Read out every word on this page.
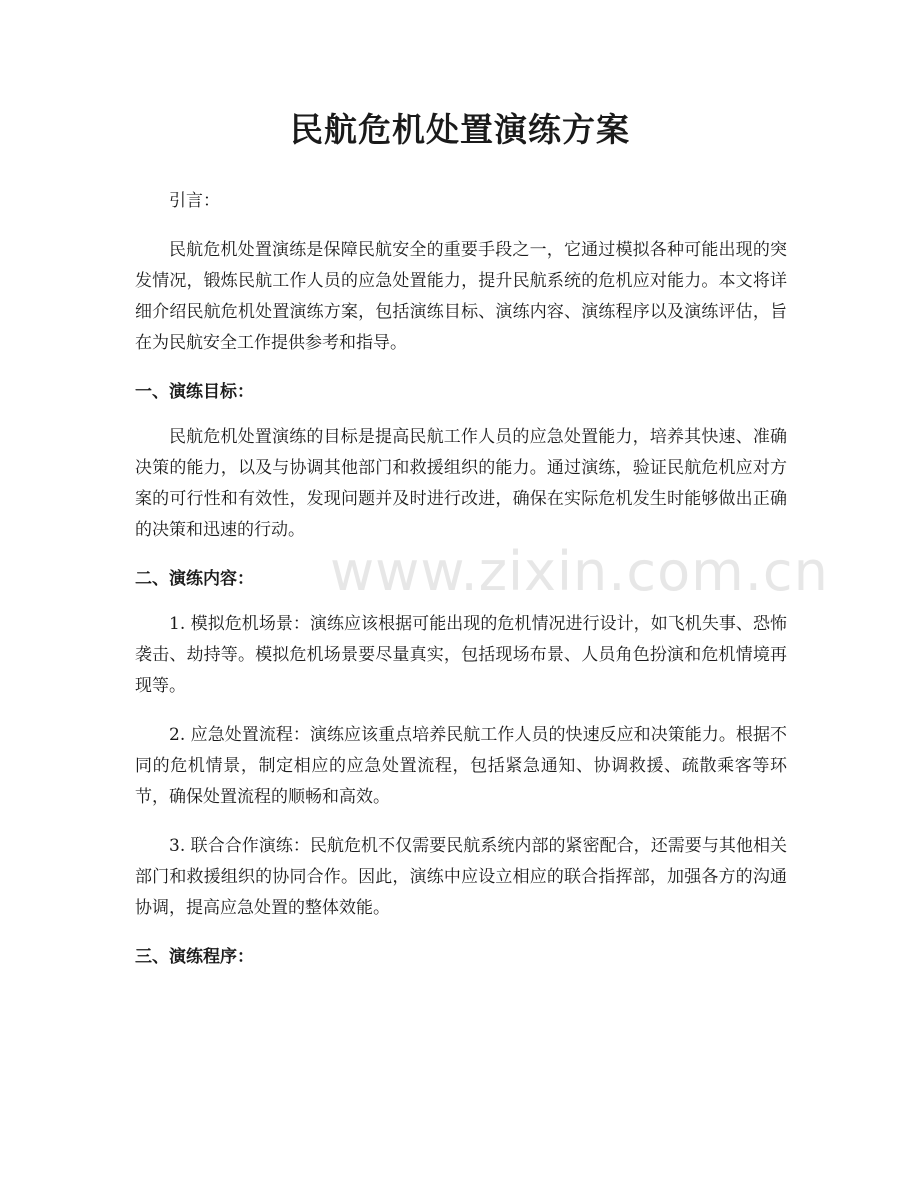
民航危机处置演练方案

引言：

民航危机处置演练是保障民航安全的重要手段之一，它通过模拟各种可能出现的突发情况，锻炼民航工作人员的应急处置能力，提升民航系统的危机应对能力。本文将详细介绍民航危机处置演练方案，包括演练目标、演练内容、演练程序以及演练评估，旨在为民航安全工作提供参考和指导。

一、演练目标：

民航危机处置演练的目标是提高民航工作人员的应急处置能力，培养其快速、准确决策的能力，以及与协调其他部门和救援组织的能力。通过演练，验证民航危机应对方案的可行性和有效性，发现问题并及时进行改进，确保在实际危机发生时能够做出正确的决策和迅速的行动。

二、演练内容：

1. 模拟危机场景：演练应该根据可能出现的危机情况进行设计，如飞机失事、恐怖袭击、劫持等。模拟危机场景要尽量真实，包括现场布景、人员角色扮演和危机情境再现等。

2. 应急处置流程：演练应该重点培养民航工作人员的快速反应和决策能力。根据不同的危机情景，制定相应的应急处置流程，包括紧急通知、协调救援、疏散乘客等环节，确保处置流程的顺畅和高效。

3. 联合合作演练：民航危机不仅需要民航系统内部的紧密配合，还需要与其他相关部门和救援组织的协同合作。因此，演练中应设立相应的联合指挥部，加强各方的沟通协调，提高应急处置的整体效能。

三、演练程序：

www.zixin.com.cn
